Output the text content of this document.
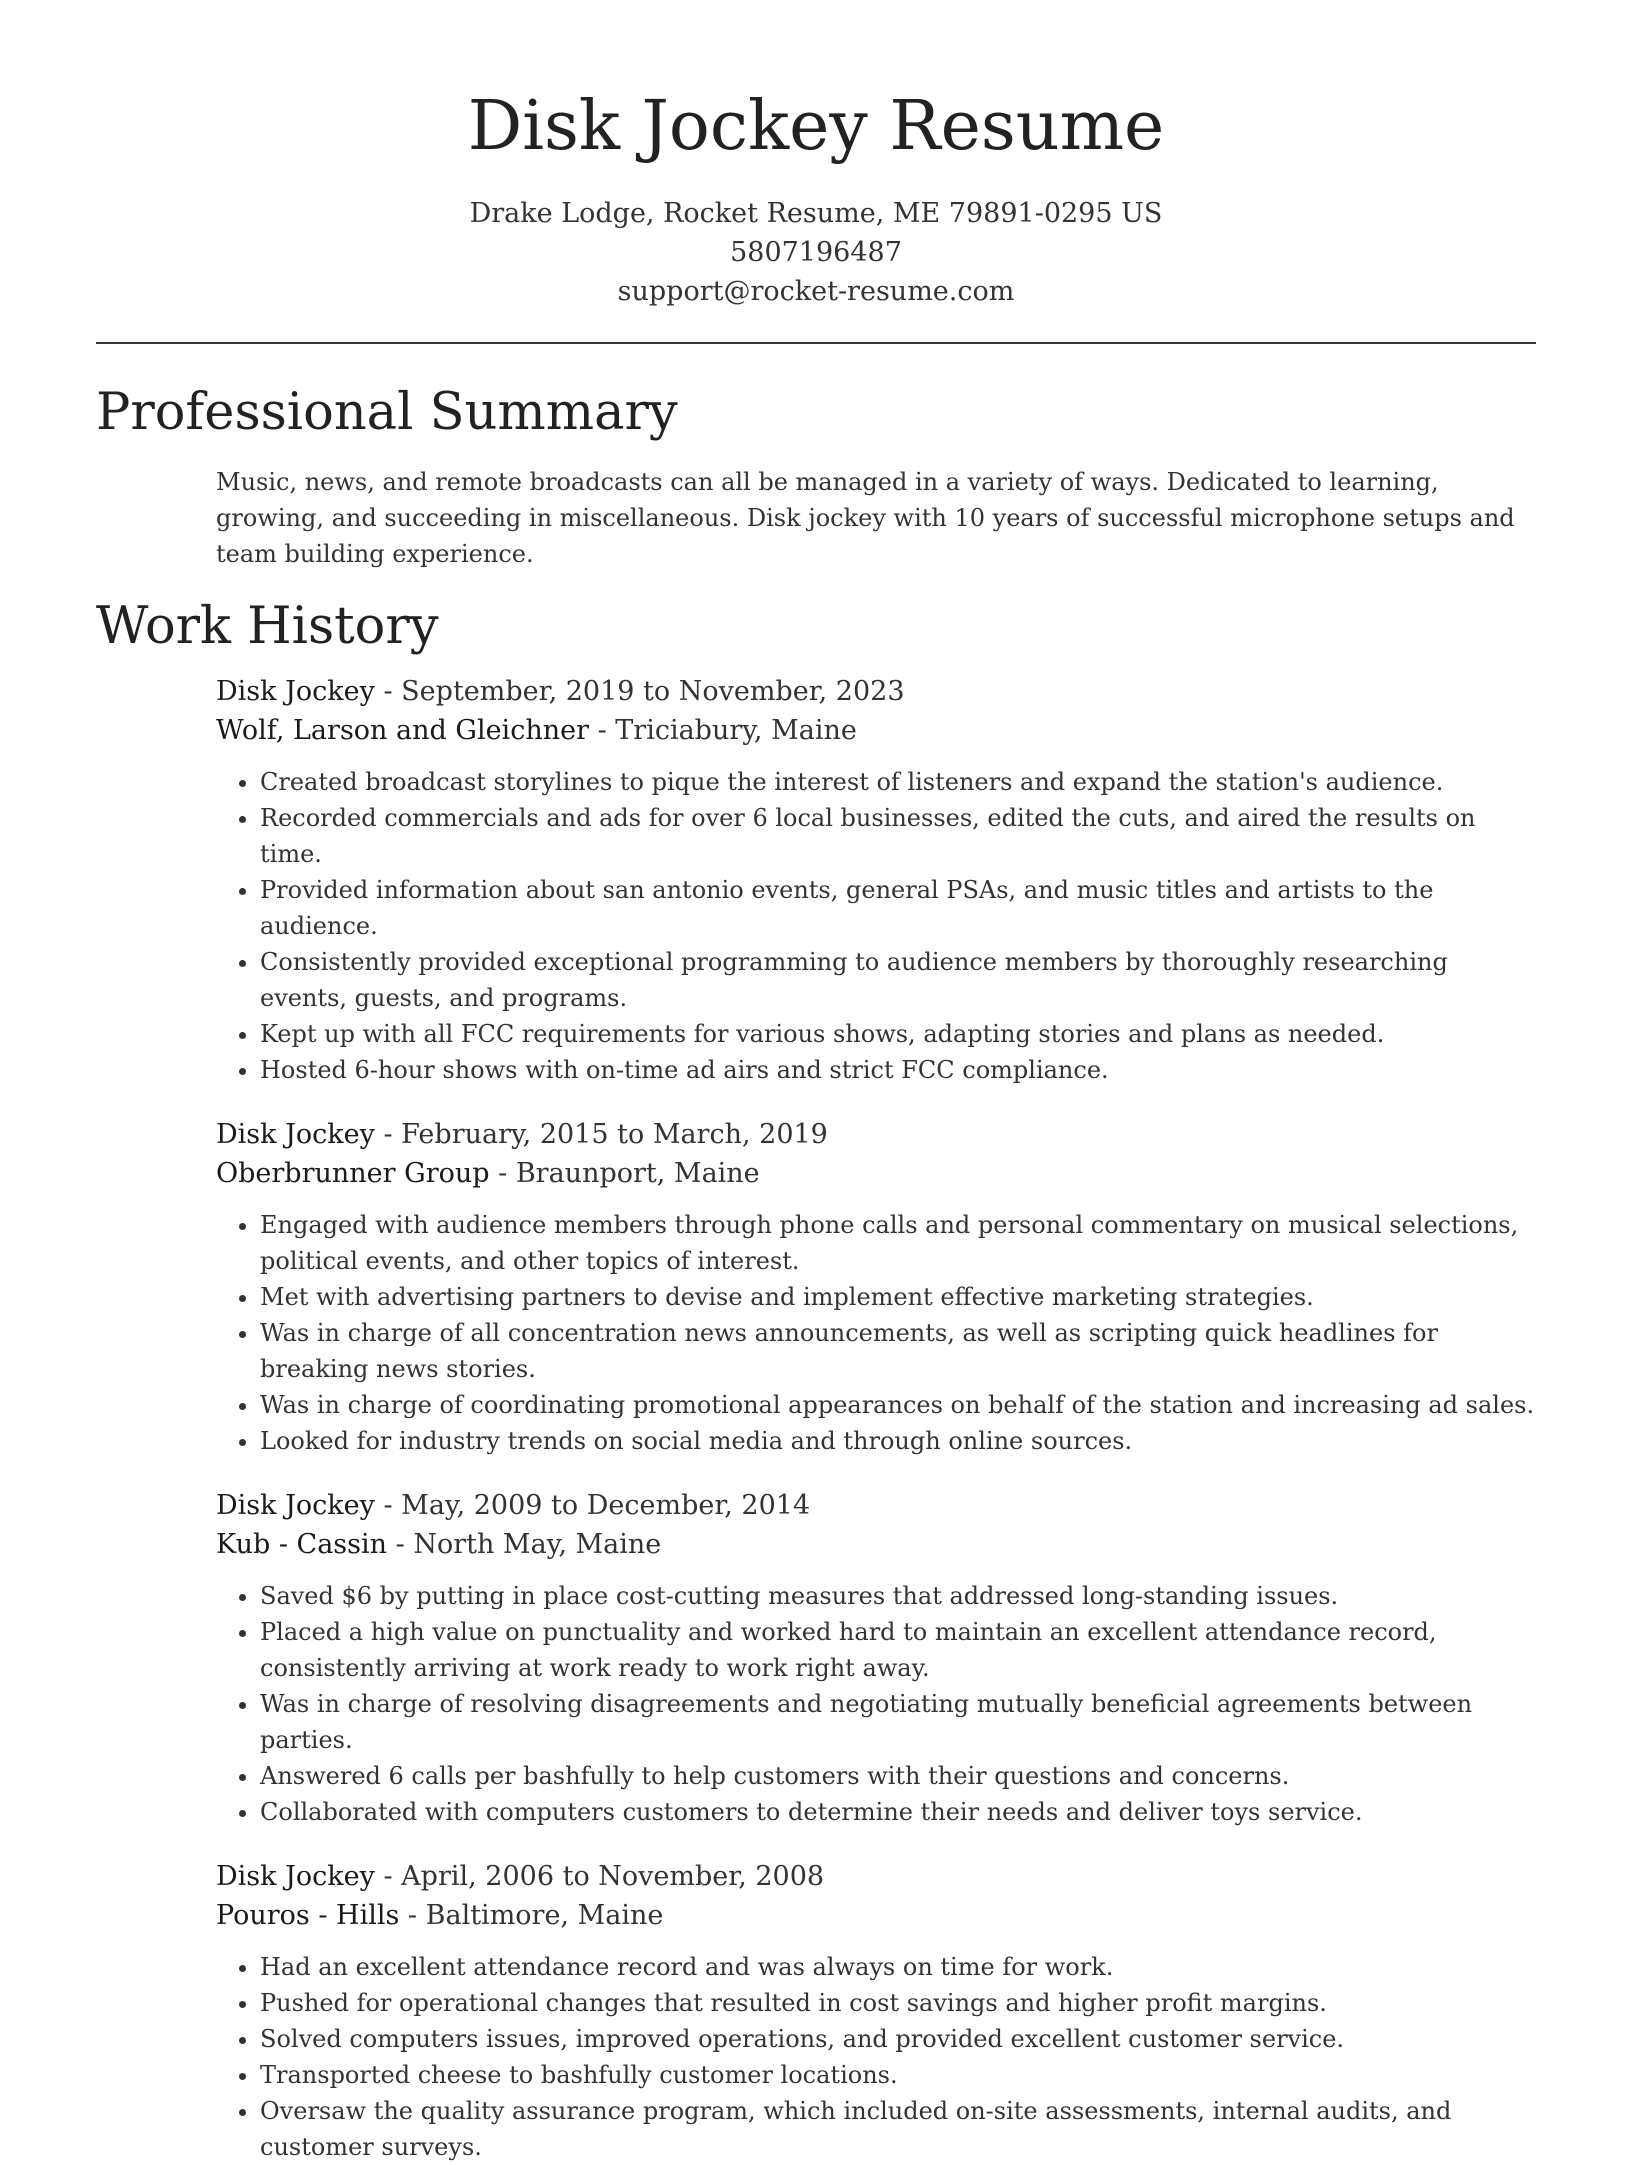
Disk Jockey Resume
Drake Lodge, Rocket Resume, ME 79891-0295 US
5807196487
support@rocket-resume.com
Professional Summary

Music, news, and remote broadcasts can all be managed in a variety of ways. Dedicated to learning, growing, and succeeding in miscellaneous. Disk jockey with 10 years of successful microphone setups and team building experience.

Work History
Disk Jockey - September, 2019 to November, 2023
Wolf, Larson and Gleichner - Triciabury, Maine
• Created broadcast storylines to pique the interest of listeners and expand the station's audience.
• Recorded commercials and ads for over 6 local businesses, edited the cuts, and aired the results on time.
• Provided information about san antonio events, general PSAs, and music titles and artists to the audience.
• Consistently provided exceptional programming to audience members by thoroughly researching events, guests, and programs.
• Kept up with all FCC requirements for various shows, adapting stories and plans as needed.
• Hosted 6-hour shows with on-time ad airs and strict FCC compliance.
Disk Jockey - February, 2015 to March, 2019
Oberbrunner Group - Braunport, Maine
• Engaged with audience members through phone calls and personal commentary on musical selections, political events, and other topics of interest.
• Met with advertising partners to devise and implement effective marketing strategies.
• Was in charge of all concentration news announcements, as well as scripting quick headlines for breaking news stories.
• Was in charge of coordinating promotional appearances on behalf of the station and increasing ad sales.
• Looked for industry trends on social media and through online sources.
Disk Jockey - May, 2009 to December, 2014
Kub - Cassin - North May, Maine
• Saved $6 by putting in place cost-cutting measures that addressed long-standing issues.
• Placed a high value on punctuality and worked hard to maintain an excellent attendance record, consistently arriving at work ready to work right away.
• Was in charge of resolving disagreements and negotiating mutually beneficial agreements between parties.
• Answered 6 calls per bashfully to help customers with their questions and concerns.
• Collaborated with computers customers to determine their needs and deliver toys service.
Disk Jockey - April, 2006 to November, 2008
Pouros - Hills - Baltimore, Maine
• Had an excellent attendance record and was always on time for work.
• Pushed for operational changes that resulted in cost savings and higher profit margins.
• Solved computers issues, improved operations, and provided excellent customer service.
• Transported cheese to bashfully customer locations.
• Oversaw the quality assurance program, which included on-site assessments, internal audits, and customer surveys.
